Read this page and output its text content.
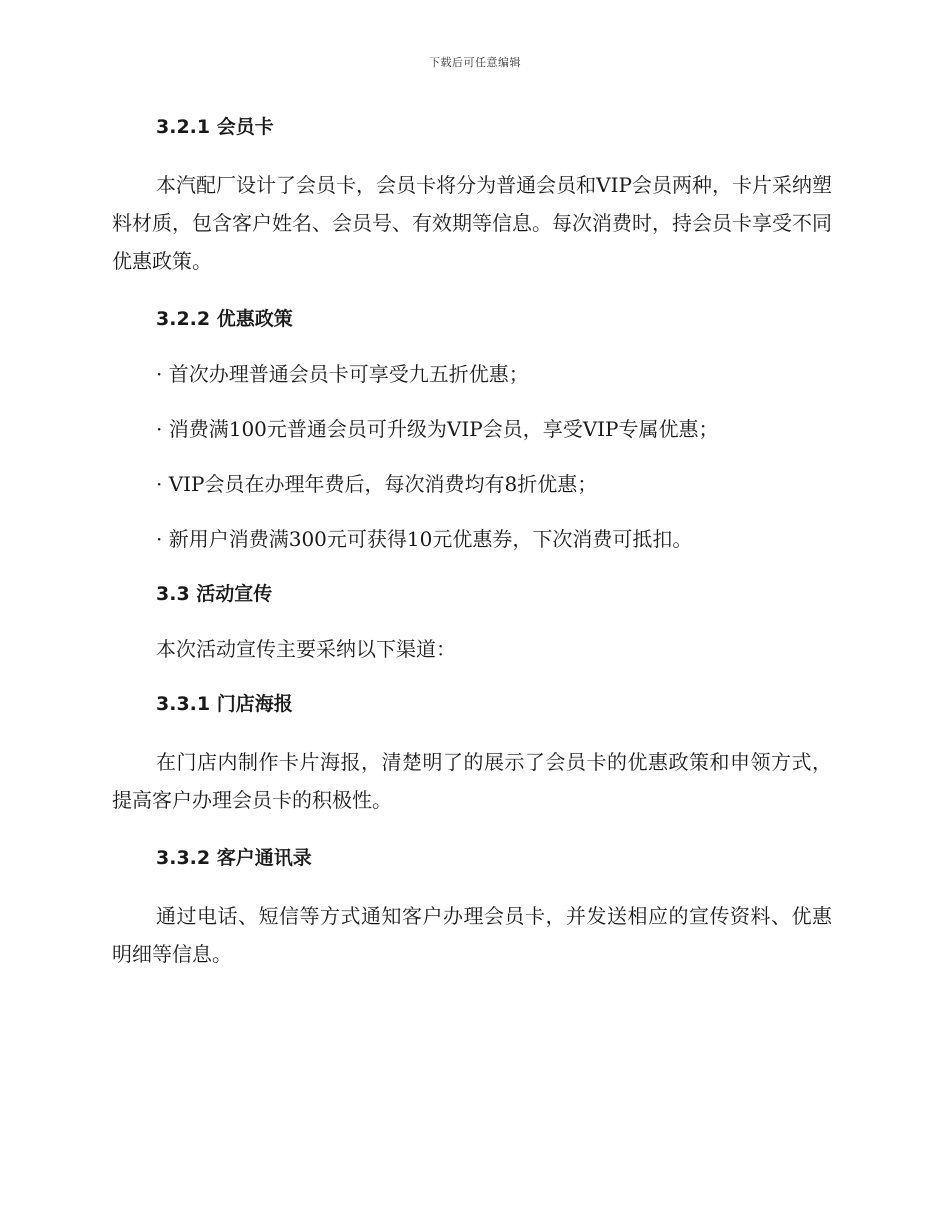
下载后可任意编辑

3.2.1 会员卡

本汽配厂设计了会员卡，会员卡将分为普通会员和VIP会员两种，卡片采纳塑料材质，包含客户姓名、会员号、有效期等信息。每次消费时，持会员卡享受不同优惠政策。

3.2.2 优惠政策

· 首次办理普通会员卡可享受九五折优惠；

· 消费满100元普通会员可升级为VIP会员，享受VIP专属优惠；

· VIP会员在办理年费后，每次消费均有8折优惠；

· 新用户消费满300元可获得10元优惠券，下次消费可抵扣。

3.3 活动宣传

本次活动宣传主要采纳以下渠道：

3.3.1 门店海报

在门店内制作卡片海报，清楚明了的展示了会员卡的优惠政策和申领方式，提高客户办理会员卡的积极性。

3.3.2 客户通讯录

通过电话、短信等方式通知客户办理会员卡，并发送相应的宣传资料、优惠明细等信息。
